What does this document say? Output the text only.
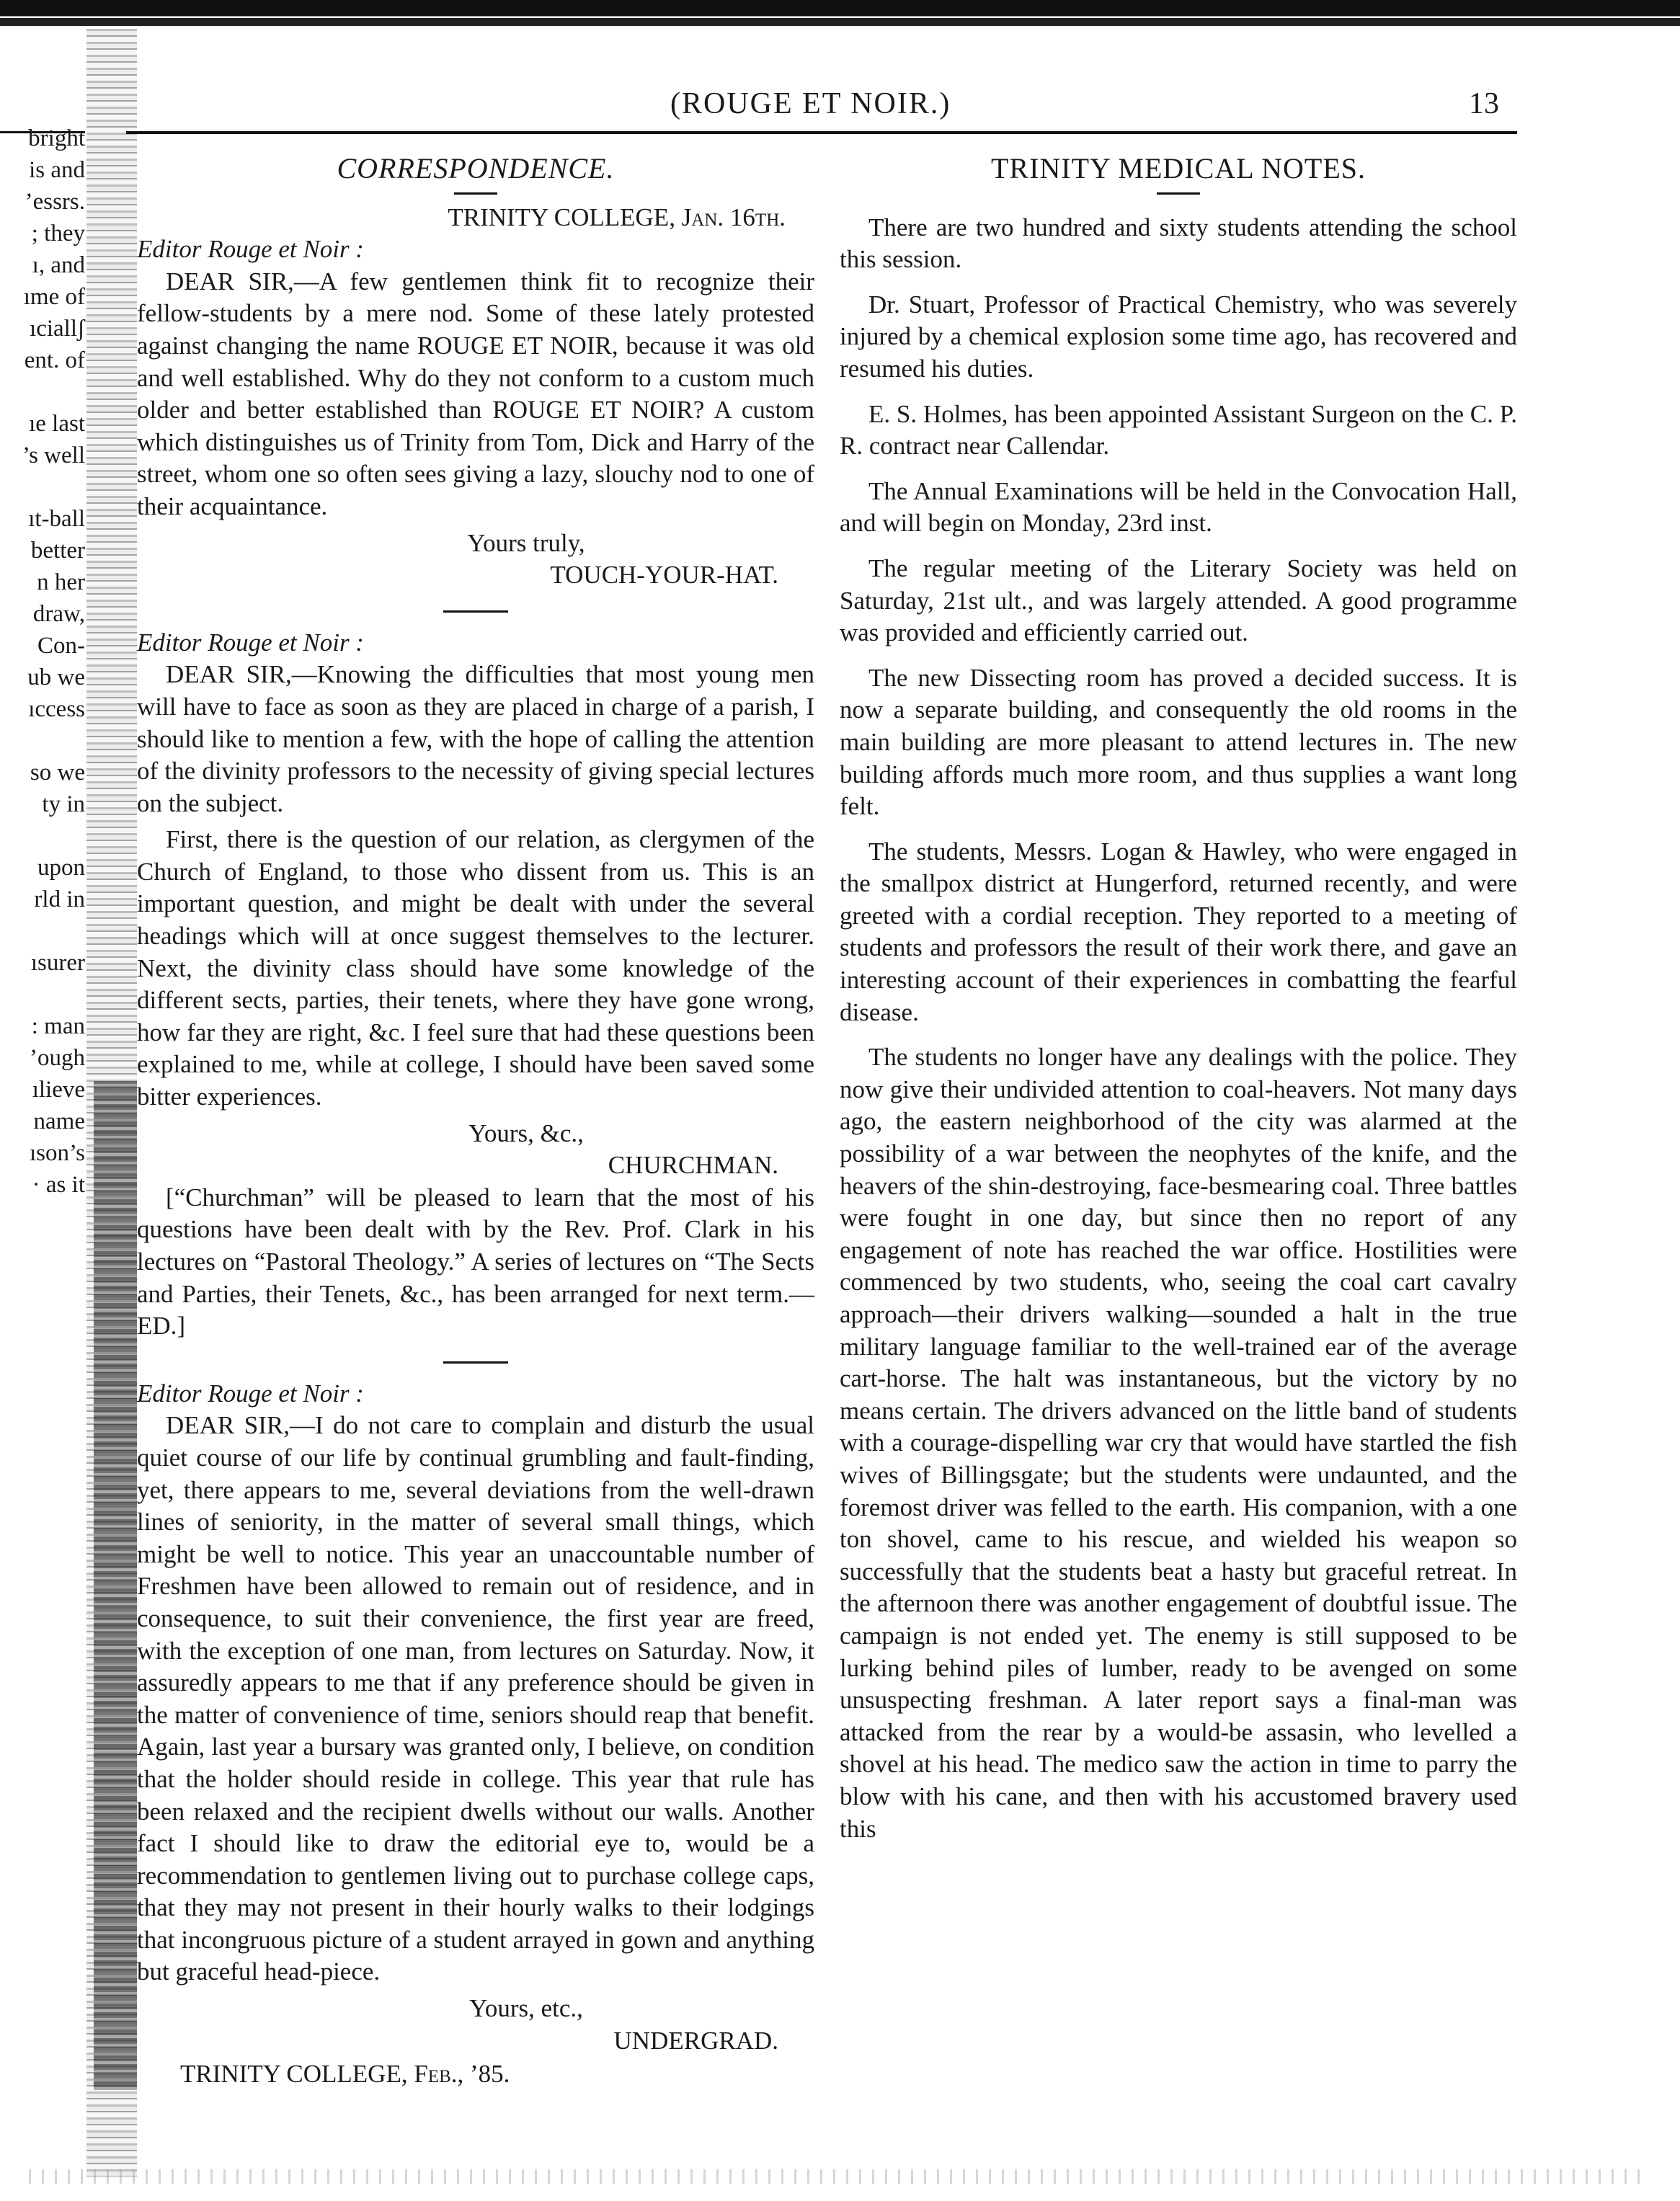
bright
is and
’essrs.
; they
ı, and
ıme of
ıciallʃ
ent. of
ıe last
’s well
ıt-ball
better
n her
draw,
Con-
ub we
ıccess
so we
ty in
upon
rld in
ısurer
: man
’ough
ılieve
name
ıson’s
· as it
(ROUGE ET NOIR.)	13
CORRESPONDENCE.
TRINITY COLLEGE, Jan. 16th.
Editor Rouge et Noir :
DEAR SIR,—A few gentlemen think fit to recognize their fellow-students by a mere nod. Some of these lately protested against changing the name ROUGE ET NOIR, because it was old and well established. Why do they not conform to a custom much older and better established than ROUGE ET NOIR? A custom which distinguishes us of Trinity from Tom, Dick and Harry of the street, whom one so often sees giving a lazy, slouchy nod to one of their acquaintance.
Yours truly,
TOUCH-YOUR-HAT.
Editor Rouge et Noir :
DEAR SIR,—Knowing the difficulties that most young men will have to face as soon as they are placed in charge of a parish, I should like to mention a few, with the hope of calling the attention of the divinity professors to the necessity of giving special lectures on the subject.
First, there is the question of our relation, as clergymen of the Church of England, to those who dissent from us. This is an important question, and might be dealt with under the several headings which will at once suggest themselves to the lecturer. Next, the divinity class should have some knowledge of the different sects, parties, their tenets, where they have gone wrong, how far they are right, &c. I feel sure that had these questions been explained to me, while at college, I should have been saved some bitter experiences.
Yours, &c.,
CHURCHMAN.
[“Churchman” will be pleased to learn that the most of his questions have been dealt with by the Rev. Prof. Clark in his lectures on “Pastoral Theology.” A series of lectures on “The Sects and Parties, their Tenets, &c., has been arranged for next term.—ED.]
Editor Rouge et Noir :
DEAR SIR,—I do not care to complain and disturb the usual quiet course of our life by continual grumbling and fault-finding, yet, there appears to me, several deviations from the well-drawn lines of seniority, in the matter of several small things, which might be well to notice. This year an unaccountable number of Freshmen have been allowed to remain out of residence, and in consequence, to suit their convenience, the first year are freed, with the exception of one man, from lectures on Saturday. Now, it assuredly appears to me that if any preference should be given in the matter of convenience of time, seniors should reap that benefit. Again, last year a bursary was granted only, I believe, on condition that the holder should reside in college. This year that rule has been relaxed and the recipient dwells without our walls. Another fact I should like to draw the editorial eye to, would be a recommendation to gentlemen living out to purchase college caps, that they may not present in their hourly walks to their lodgings that incongruous picture of a student arrayed in gown and anything but graceful head-piece.
Yours, etc.,
UNDERGRAD.
TRINITY COLLEGE, Feb., ’85.
TRINITY MEDICAL NOTES.
There are two hundred and sixty students attending the school this session.
Dr. Stuart, Professor of Practical Chemistry, who was severely injured by a chemical explosion some time ago, has recovered and resumed his duties.
E. S. Holmes, has been appointed Assistant Surgeon on the C. P. R. contract near Callendar.
The Annual Examinations will be held in the Convocation Hall, and will begin on Monday, 23rd inst.
The regular meeting of the Literary Society was held on Saturday, 21st ult., and was largely attended. A good programme was provided and efficiently carried out.
The new Dissecting room has proved a decided success. It is now a separate building, and consequently the old rooms in the main building are more pleasant to attend lectures in. The new building affords much more room, and thus supplies a want long felt.
The students, Messrs. Logan & Hawley, who were engaged in the smallpox district at Hungerford, returned recently, and were greeted with a cordial reception. They reported to a meeting of students and professors the result of their work there, and gave an interesting account of their experiences in combatting the fearful disease.
The students no longer have any dealings with the police. They now give their undivided attention to coal-heavers. Not many days ago, the eastern neighborhood of the city was alarmed at the possibility of a war between the neophytes of the knife, and the heavers of the shin-destroying, face-besmearing coal. Three battles were fought in one day, but since then no report of any engagement of note has reached the war office. Hostilities were commenced by two students, who, seeing the coal cart cavalry approach—their drivers walking—sounded a halt in the true military language familiar to the well-trained ear of the average cart-horse. The halt was instantaneous, but the victory by no means certain. The drivers advanced on the little band of students with a courage-dispelling war cry that would have startled the fish wives of Billingsgate; but the students were undaunted, and the foremost driver was felled to the earth. His companion, with a one ton shovel, came to his rescue, and wielded his weapon so successfully that the students beat a hasty but graceful retreat. In the afternoon there was another engagement of doubtful issue. The campaign is not ended yet. The enemy is still supposed to be lurking behind piles of lumber, ready to be avenged on some unsuspecting freshman. A later report says a final-man was attacked from the rear by a would-be assasin, who levelled a shovel at his head. The medico saw the action in time to parry the blow with his cane, and then with his accustomed bravery used this
